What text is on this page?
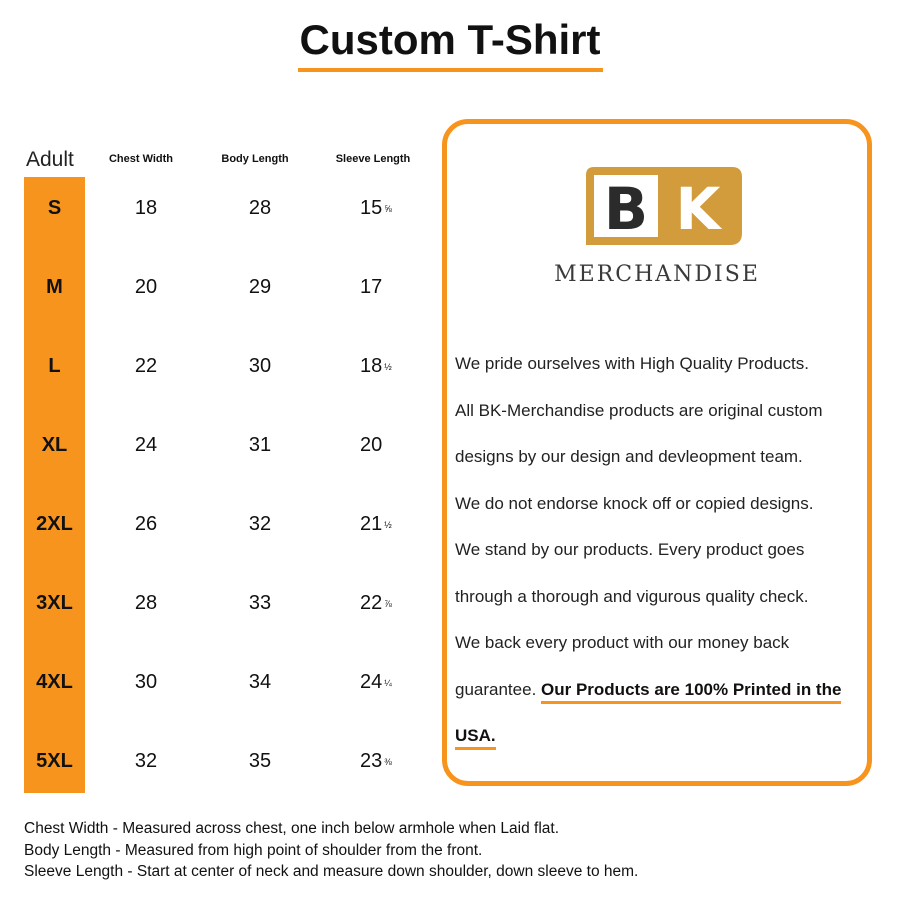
Custom T-Shirt
Adult	Chest Width	Body Length	Sleeve Length
S	18	28	15 ⅝
M	20	29	17
L	22	30	18 ½
XL	24	31	20
2XL	26	32	21 ½
3XL	28	33	22 ⅞
4XL	30	34	24 ¼
5XL	32	35	23 ⅜
B K
MERCHANDISE
We pride ourselves with High Quality Products.
All BK-Merchandise products are original custom
designs by our design and devleopment team.
We do not endorse knock off or copied designs.
We stand by our products. Every product goes
through a thorough and vigurous quality check.
We back every product with our money back
guarantee. Our Products are 100% Printed in the
USA.
Chest Width - Measured across chest, one inch below armhole when Laid flat.
Body Length - Measured from high point of shoulder from the front.
Sleeve Length - Start at center of neck and measure down shoulder, down sleeve to hem.
